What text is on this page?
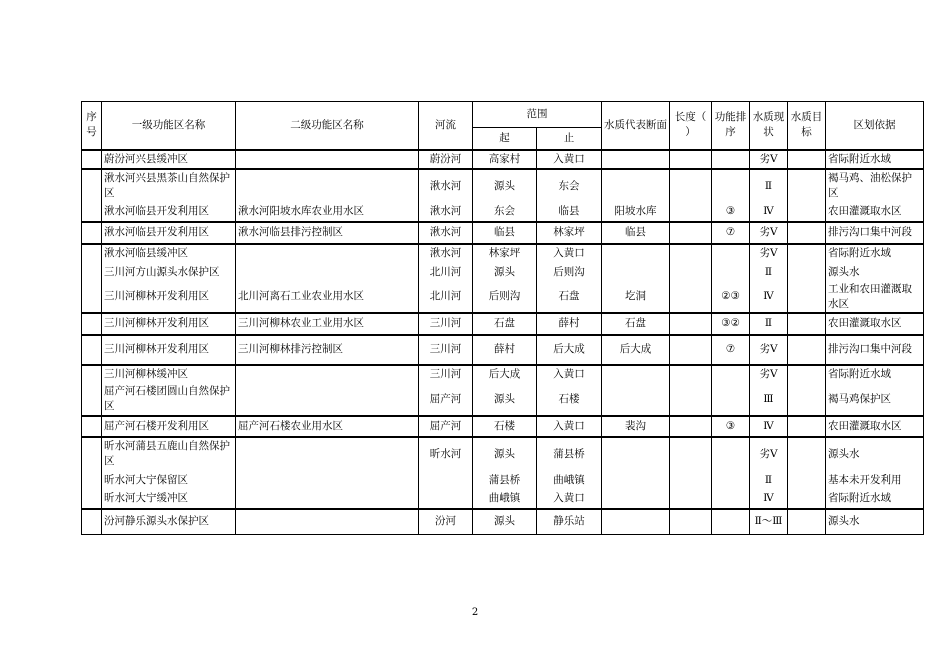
序号	一级功能区名称	二级功能区名称	河流	范围		水质代表断面	长度（ ）	功能排序	水质现状	水质目标	区划依据
				起	止						
	蔚汾河兴县缓冲区		蔚汾河	高家村	入黄口				劣Ⅴ		省际附近水域
	湫水河兴县黑茶山自然保护区		湫水河	源头	东会				Ⅱ		褐马鸡、油松保护区
	湫水河临县开发利用区	湫水河阳坡水库农业用水区	湫水河	东会	临县	阳坡水库		③	Ⅳ		农田灌溉取水区
	湫水河临县开发利用区	湫水河临县排污控制区	湫水河	临县	林家坪	临县		⑦	劣Ⅴ		排污沟口集中河段
	湫水河临县缓冲区		湫水河	林家坪	入黄口				劣Ⅴ		省际附近水域
	三川河方山源头水保护区		北川河	源头	后则沟				Ⅱ		源头水
	三川河柳林开发利用区	北川河离石工业农业用水区	北川河	后则沟	石盘	圪洞		②③	Ⅳ		工业和农田灌溉取水区
	三川河柳林开发利用区	三川河柳林农业工业用水区	三川河	石盘	薛村	石盘		③②	Ⅱ		农田灌溉取水区
	三川河柳林开发利用区	三川河柳林排污控制区	三川河	薛村	后大成	后大成		⑦	劣Ⅴ		排污沟口集中河段
	三川河柳林缓冲区		三川河	后大成	入黄口				劣Ⅴ		省际附近水域
	屈产河石楼团圆山自然保护区		屈产河	源头	石楼				Ⅲ		褐马鸡保护区
	屈产河石楼开发利用区	屈产河石楼农业用水区	屈产河	石楼	入黄口	裴沟		③	Ⅳ		农田灌溉取水区
	昕水河蒲县五鹿山自然保护区		昕水河	源头	蒲县桥				劣Ⅴ		源头水
	昕水河大宁保留区			蒲县桥	曲峨镇				Ⅱ		基本未开发利用
	昕水河大宁缓冲区			曲峨镇	入黄口				Ⅳ		省际附近水域
	汾河静乐源头水保护区		汾河	源头	静乐站				Ⅱ～Ⅲ		源头水
2
